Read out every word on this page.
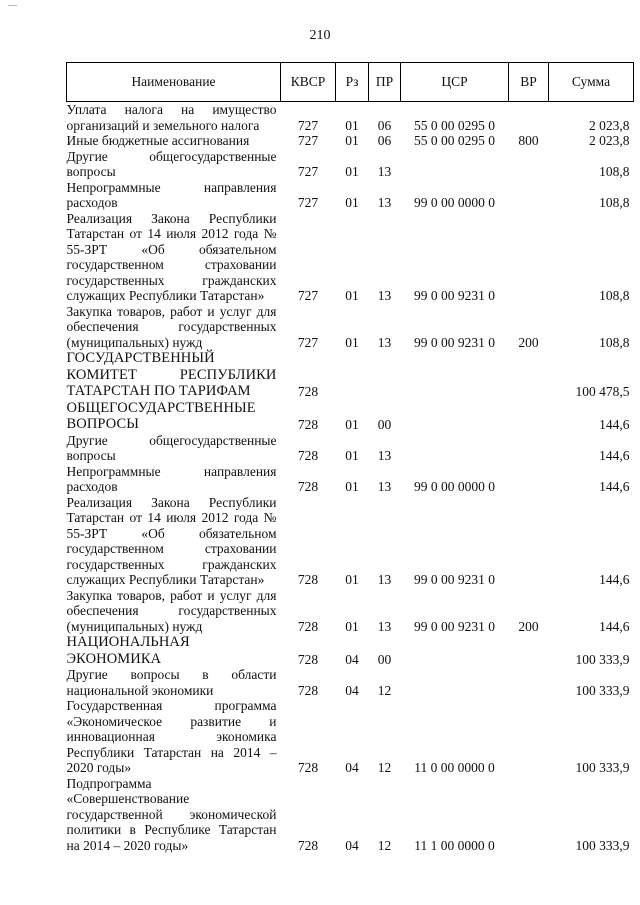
—
210
Наименование	КВСР	Рз	ПР	ЦСР	ВР	Сумма
Уплата налога на имущество организаций и земельного налога	727	01	06	55 0 00 0295 0		2 023,8
Иные бюджетные ассигнования	727	01	06	55 0 00 0295 0	800	2 023,8
Другие общегосударственные вопросы	727	01	13			108,8
Непрограммные направления расходов	727	01	13	99 0 00 0000 0		108,8
Реализация Закона Республики Татарстан от 14 июля 2012 года № 55-ЗРТ «Об обязательном государственном страховании государственных гражданских служащих Республики Татарстан»	727	01	13	99 0 00 9231 0		108,8
Закупка товаров, работ и услуг для обеспечения государственных (муниципальных) нужд	727	01	13	99 0 00 9231 0	200	108,8
ГОСУДАРСТВЕННЫЙ КОМИТЕТ РЕСПУБЛИКИ ТАТАРСТАН ПО ТАРИФАМ	728					100 478,5
ОБЩЕГОСУДАРСТВЕННЫЕ ВОПРОСЫ	728	01	00			144,6
Другие общегосударственные вопросы	728	01	13			144,6
Непрограммные направления расходов	728	01	13	99 0 00 0000 0		144,6
Реализация Закона Республики Татарстан от 14 июля 2012 года № 55-ЗРТ «Об обязательном государственном страховании государственных гражданских служащих Республики Татарстан»	728	01	13	99 0 00 9231 0		144,6
Закупка товаров, работ и услуг для обеспечения государственных (муниципальных) нужд	728	01	13	99 0 00 9231 0	200	144,6
НАЦИОНАЛЬНАЯ ЭКОНОМИКА	728	04	00			100 333,9
Другие вопросы в области национальной экономики	728	04	12			100 333,9
Государственная программа «Экономическое развитие и инновационная экономика Республики Татарстан на 2014 – 2020 годы»	728	04	12	11 0 00 0000 0		100 333,9
Подпрограмма «Совершенствование государственной экономической политики в Республике Татарстан на 2014 – 2020 годы»	728	04	12	11 1 00 0000 0		100 333,9
